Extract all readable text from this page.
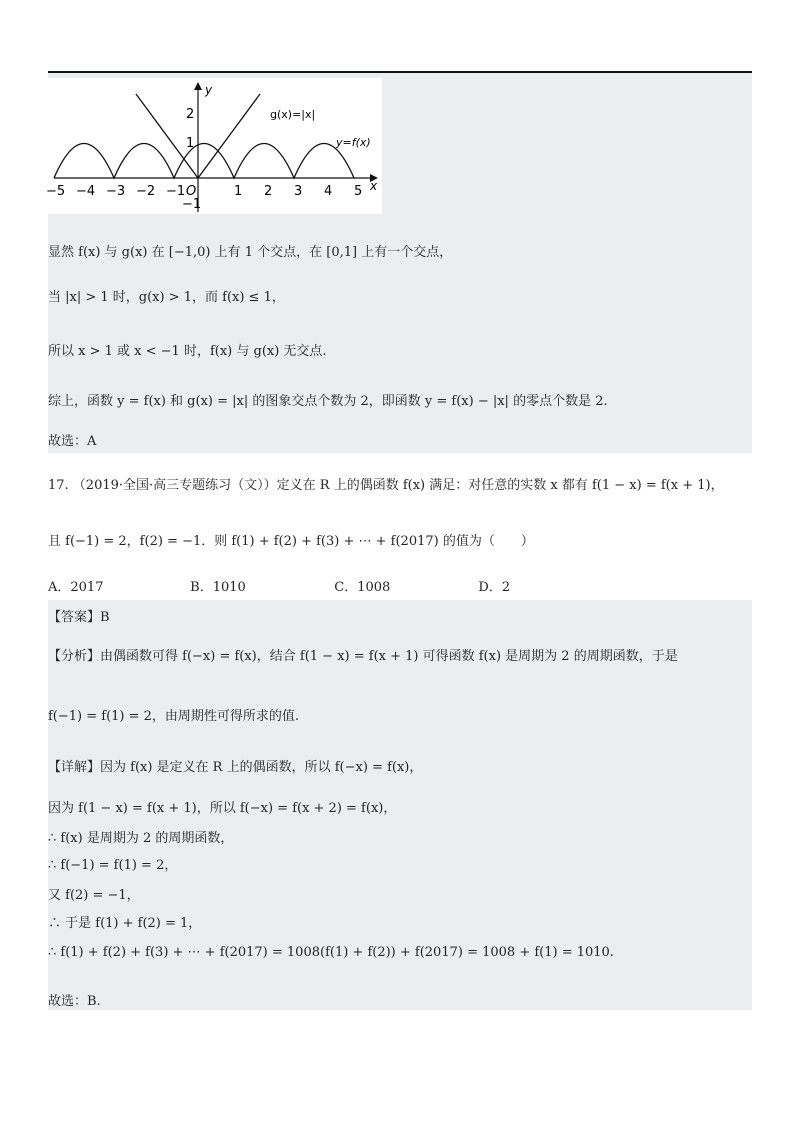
−5 −4 −3 −2 −1 O	1 2 3 4 5
2
1
−1
x
y
g(x)=|x|
y=f(x)
显然 f(x) 与 g(x) 在 [−1,0) 上有 1 个交点，在 [0,1] 上有一个交点，
当 |x| > 1 时，g(x) > 1，而 f(x) ≤ 1，
所以 x > 1 或 x < −1 时，f(x) 与 g(x) 无交点.
综上，函数 y = f(x) 和 g(x) = |x| 的图象交点个数为 2，即函数 y = f(x) − |x| 的零点个数是 2.
故选：A
17. （2019·全国·高三专题练习（文））定义在 R 上的偶函数 f(x) 满足：对任意的实数 x 都有 f(1 − x) = f(x + 1)，
且 f(−1) = 2，f(2) = −1．则 f(1) + f(2) + f(3) + ⋯ + f(2017) 的值为（　　）
A．2017	B．1010	C．1008	D．2
【答案】B
【分析】由偶函数可得 f(−x) = f(x)，结合 f(1 − x) = f(x + 1) 可得函数 f(x) 是周期为 2 的周期函数，于是
f(−1) = f(1) = 2，由周期性可得所求的值.
【详解】因为 f(x) 是定义在 R 上的偶函数，所以 f(−x) = f(x)，
因为 f(1 − x) = f(x + 1)，所以 f(−x) = f(x + 2) = f(x)，
∴ f(x) 是周期为 2 的周期函数，
∴ f(−1) = f(1) = 2，
又 f(2) = −1，
∴ 于是 f(1) + f(2) = 1，
∴ f(1) + f(2) + f(3) + ⋯ + f(2017) = 1008(f(1) + f(2)) + f(2017) = 1008 + f(1) = 1010.
故选：B.
